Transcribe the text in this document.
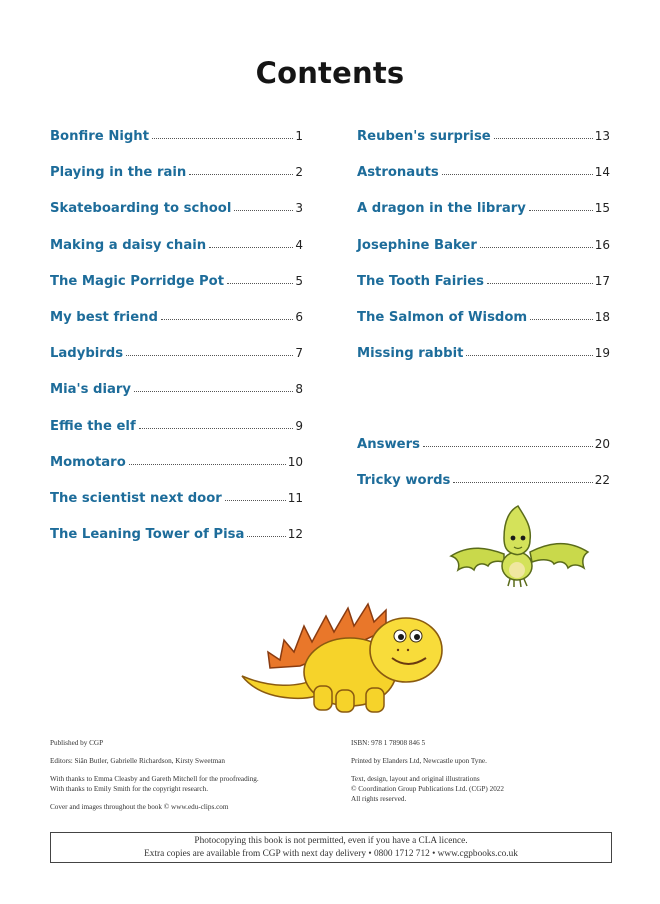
Contents
Bonfire Night	1
Playing in the rain	2
Skateboarding to school	3
Making a daisy chain	4
The Magic Porridge Pot	5
My best friend	6
Ladybirds	7
Mia's diary	8
Effie the elf	9
Momotaro	10
The scientist next door	11
The Leaning Tower of Pisa	12
Reuben's surprise	13
Astronauts	14
A dragon in the library	15
Josephine Baker	16
The Tooth Fairies	17
The Salmon of Wisdom	18
Missing rabbit	19
Answers	20
Tricky words	22
Published by CGP
Editors: Siân Butler, Gabrielle Richardson, Kirsty Sweetman
With thanks to Emma Cleasby and Gareth Mitchell for the proofreading.
With thanks to Emily Smith for the copyright research.
Cover and images throughout the book © www.edu-clips.com
ISBN: 978 1 78908 846 5
Printed by Elanders Ltd, Newcastle upon Tyne.
Text, design, layout and original illustrations
© Coordination Group Publications Ltd. (CGP) 2022
All rights reserved.
Photocopying this book is not permitted, even if you have a CLA licence.
Extra copies are available from CGP with next day delivery • 0800 1712 712 • www.cgpbooks.co.uk
